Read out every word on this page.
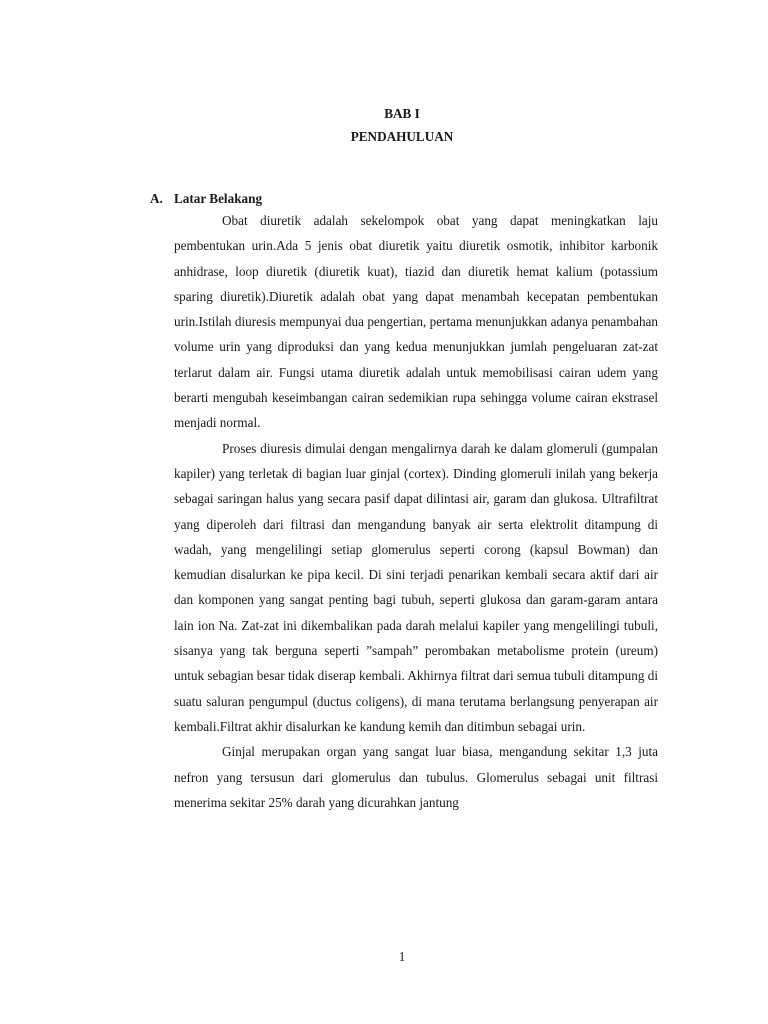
BAB I
PENDAHULUAN
A. Latar Belakang

Obat diuretik adalah sekelompok obat yang dapat meningkatkan laju pembentukan urin.Ada 5 jenis obat diuretik yaitu diuretik osmotik, inhibitor karbonik anhidrase, loop diuretik (diuretik kuat), tiazid dan diuretik hemat kalium (potassium sparing diuretik).Diuretik adalah obat yang dapat menambah kecepatan pembentukan urin.Istilah diuresis mempunyai dua pengertian, pertama menunjukkan adanya penambahan volume urin yang diproduksi dan yang kedua menunjukkan jumlah pengeluaran zat-zat terlarut dalam air. Fungsi utama diuretik adalah untuk memobilisasi cairan udem yang berarti mengubah keseimbangan cairan sedemikian rupa sehingga volume cairan ekstrasel menjadi normal.

Proses diuresis dimulai dengan mengalirnya darah ke dalam glomeruli (gumpalan kapiler) yang terletak di bagian luar ginjal (cortex). Dinding glomeruli inilah yang bekerja sebagai saringan halus yang secara pasif dapat dilintasi air, garam dan glukosa. Ultrafiltrat yang diperoleh dari filtrasi dan mengandung banyak air serta elektrolit ditampung di wadah, yang mengelilingi setiap glomerulus seperti corong (kapsul Bowman) dan kemudian disalurkan ke pipa kecil. Di sini terjadi penarikan kembali secara aktif dari air dan komponen yang sangat penting bagi tubuh, seperti glukosa dan garam-garam antara lain ion Na. Zat-zat ini dikembalikan pada darah melalui kapiler yang mengelilingi tubuli, sisanya yang tak berguna seperti ”sampah” perombakan metabolisme protein (ureum) untuk sebagian besar tidak diserap kembali. Akhirnya filtrat dari semua tubuli ditampung di suatu saluran pengumpul (ductus coligens), di mana terutama berlangsung penyerapan air kembali.Filtrat akhir disalurkan ke kandung kemih dan ditimbun sebagai urin.

Ginjal merupakan organ yang sangat luar biasa, mengandung sekitar 1,3 juta nefron yang tersusun dari glomerulus dan tubulus. Glomerulus sebagai unit filtrasi menerima sekitar 25% darah yang dicurahkan jantung

1
